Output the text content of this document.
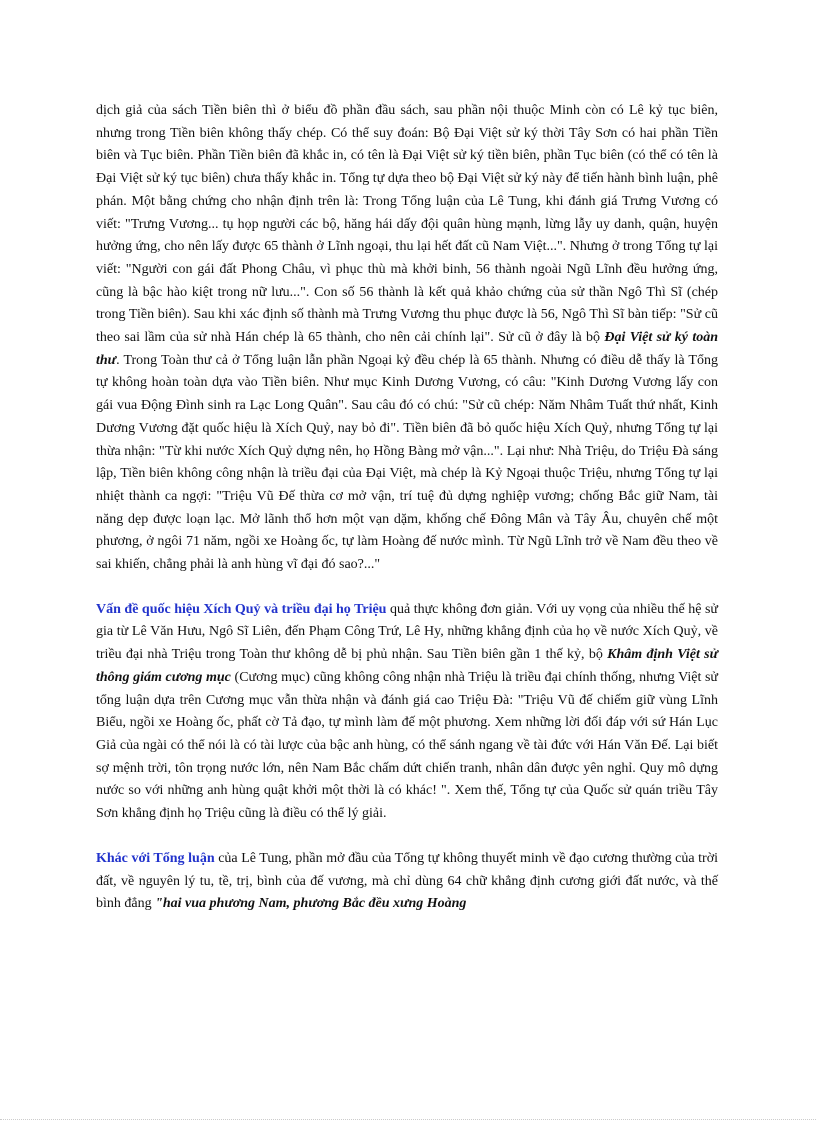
dịch giả của sách Tiền biên thì ở biểu đồ phần đầu sách, sau phần nội thuộc Minh còn có Lê kỷ tục biên, nhưng trong Tiền biên không thấy chép. Có thể suy đoán: Bộ Đại Việt sử ký thời Tây Sơn có hai phần Tiền biên và Tục biên. Phần Tiền biên đã khắc in, có tên là Đại Việt sử ký tiền biên, phần Tục biên (có thể có tên là Đại Việt sử ký tục biên) chưa thấy khắc in. Tổng tự dựa theo bộ Đại Việt sử ký này để tiến hành bình luận, phê phán. Một bằng chứng cho nhận định trên là: Trong Tổng luận của Lê Tung, khi đánh giá Trưng Vương có viết: "Trưng Vương... tụ họp người các bộ, hăng hái dấy đội quân hùng mạnh, lừng lẫy uy danh, quận, huyện hưởng ứng, cho nên lấy được 65 thành ở Lĩnh ngoại, thu lại hết đất cũ Nam Việt...". Nhưng ở trong Tổng tự lại viết: "Người con gái đất Phong Châu, vì phục thù mà khởi binh, 56 thành ngoài Ngũ Lĩnh đều hưởng ứng, cũng là bậc hào kiệt trong nữ lưu...". Con số 56 thành là kết quả khảo chứng của sử thần Ngô Thì Sĩ (chép trong Tiền biên). Sau khi xác định số thành mà Trưng Vương thu phục được là 56, Ngô Thì Sĩ bàn tiếp: "Sử cũ theo sai lầm của sử nhà Hán chép là 65 thành, cho nên cải chính lại". Sử cũ ở đây là bộ Đại Việt sử ký toàn thư. Trong Toàn thư cả ở Tổng luận lẫn phần Ngoại kỷ đều chép là 65 thành. Nhưng có điều dễ thấy là Tổng tự không hoàn toàn dựa vào Tiền biên. Như mục Kinh Dương Vương, có câu: "Kinh Dương Vương lấy con gái vua Động Đình sinh ra Lạc Long Quân". Sau câu đó có chú: "Sử cũ chép: Năm Nhâm Tuất thứ nhất, Kinh Dương Vương đặt quốc hiệu là Xích Quỷ, nay bỏ đi". Tiền biên đã bỏ quốc hiệu Xích Quỷ, nhưng Tổng tự lại thừa nhận: "Từ khi nước Xích Quỷ dựng nên, họ Hồng Bàng mở vận...". Lại như: Nhà Triệu, do Triệu Đà sáng lập, Tiền biên không công nhận là triều đại của Đại Việt, mà chép là Kỷ Ngoại thuộc Triệu, nhưng Tổng tự lại nhiệt thành ca ngợi: "Triệu Vũ Đế thừa cơ mở vận, trí tuệ đủ dựng nghiệp vương; chống Bắc giữ Nam, tài năng dẹp được loạn lạc. Mở lãnh thổ hơn một vạn dặm, khống chế Đông Mân và Tây Âu, chuyên chế một phương, ở ngôi 71 năm, ngồi xe Hoàng ốc, tự làm Hoàng đế nước mình. Từ Ngũ Lĩnh trở về Nam đều theo về sai khiến, chẳng phải là anh hùng vĩ đại đó sao?..."

Vấn đề quốc hiệu Xích Quỷ và triều đại họ Triệu quả thực không đơn giản. Với uy vọng của nhiều thế hệ sử gia từ Lê Văn Hưu, Ngô Sĩ Liên, đến Phạm Công Trứ, Lê Hy, những khẳng định của họ về nước Xích Quỷ, về triều đại nhà Triệu trong Toàn thư không dễ bị phủ nhận. Sau Tiền biên gần 1 thế kỷ, bộ Khâm định Việt sử thông giám cương mục (Cương mục) cũng không công nhận nhà Triệu là triều đại chính thống, nhưng Việt sử tổng luận dựa trên Cương mục vẫn thừa nhận và đánh giá cao Triệu Đà: "Triệu Vũ đế chiếm giữ vùng Lĩnh Biểu, ngồi xe Hoàng ốc, phất cờ Tả đạo, tự mình làm đế một phương. Xem những lời đối đáp với sứ Hán Lục Giả của ngài có thể nói là có tài lược của bậc anh hùng, có thể sánh ngang về tài đức với Hán Văn Đế. Lại biết sợ mệnh trời, tôn trọng nước lớn, nên Nam Bắc chấm dứt chiến tranh, nhân dân được yên nghỉ. Quy mô dựng nước so với những anh hùng quật khởi một thời là có khác! ". Xem thế, Tổng tự của Quốc sử quán triều Tây Sơn khẳng định họ Triệu cũng là điều có thể lý giải.

Khác với Tổng luận của Lê Tung, phần mở đầu của Tổng tự không thuyết minh về đạo cương thường của trời đất, về nguyên lý tu, tề, trị, bình của đế vương, mà chỉ dùng 64 chữ khẳng định cương giới đất nước, và thế bình đẳng "hai vua phương Nam, phương Bắc đều xưng Hoàng
